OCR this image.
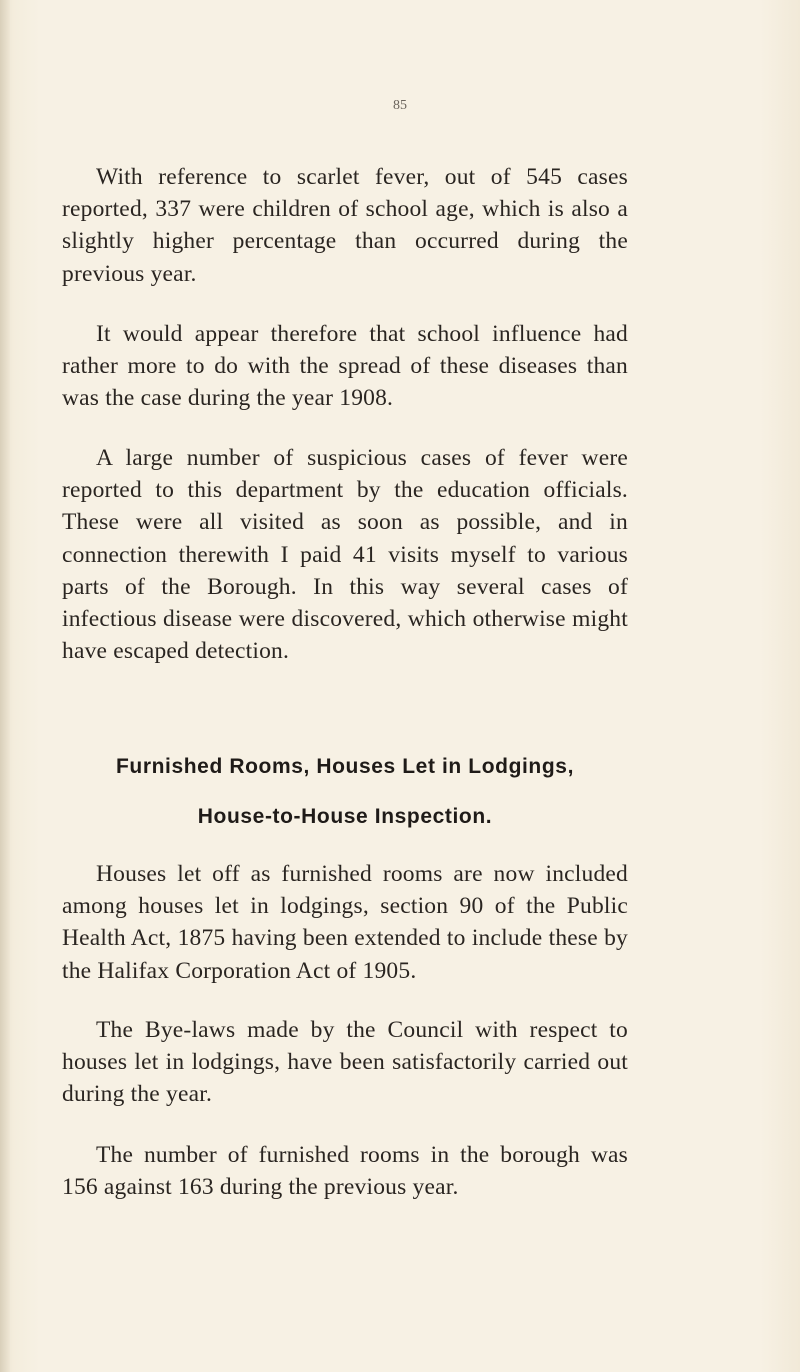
85

With reference to scarlet fever, out of 545 cases reported, 337 were children of school age, which is also a slightly higher percentage than occurred during the previous year.

It would appear therefore that school influence had rather more to do with the spread of these diseases than was the case during the year 1908.

A large number of suspicious cases of fever were reported to this department by the education officials. These were all visited as soon as possible, and in connection therewith I paid 41 visits myself to various parts of the Borough. In this way several cases of infectious disease were discovered, which otherwise might have escaped detection.

Furnished Rooms, Houses Let in Lodgings,
House-to-House Inspection.

Houses let off as furnished rooms are now included among houses let in lodgings, section 90 of the Public Health Act, 1875 having been extended to include these by the Halifax Corporation Act of 1905.

The Bye-laws made by the Council with respect to houses let in lodgings, have been satisfactorily carried out during the year.

The number of furnished rooms in the borough was 156 against 163 during the previous year.
